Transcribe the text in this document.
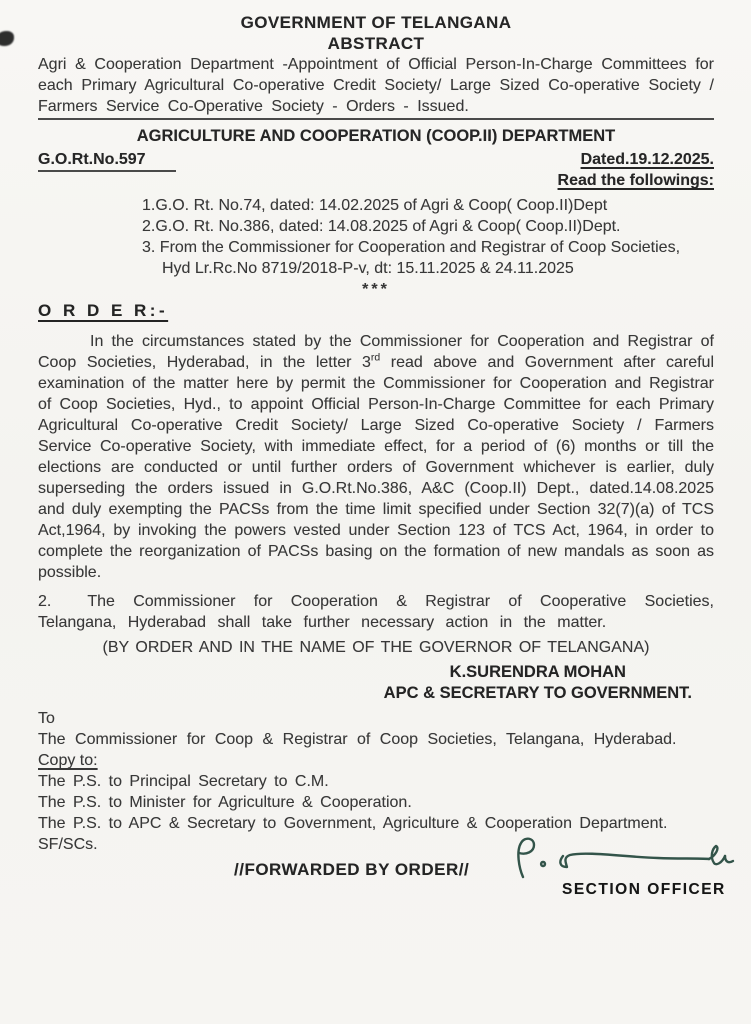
GOVERNMENT OF TELANGANA
ABSTRACT

Agri & Cooperation Department -Appointment of Official Person-In-Charge Committees for each Primary Agricultural Co-operative Credit Society/ Large Sized Co-operative Society / Farmers Service Co-Operative Society - Orders - Issued.

AGRICULTURE AND COOPERATION (COOP.II) DEPARTMENT
G.O.Rt.No.597	Dated.19.12.2025.
Read the followings:
1.G.O. Rt. No.74, dated: 14.02.2025 of Agri & Coop( Coop.II)Dept
2.G.O. Rt. No.386, dated: 14.08.2025 of Agri & Coop( Coop.II)Dept.
3. From the Commissioner for Cooperation and Registrar of Coop Societies, Hyd Lr.Rc.No 8719/2018-P-v, dt: 15.11.2025 & 24.11.2025
***
O R D E R:-

In the circumstances stated by the Commissioner for Cooperation and Registrar of Coop Societies, Hyderabad, in the letter 3rd read above and Government after careful examination of the matter here by permit the Commissioner for Cooperation and Registrar of Coop Societies, Hyd., to appoint Official Person-In-Charge Committee for each Primary Agricultural Co-operative Credit Society/ Large Sized Co-operative Society / Farmers Service Co-operative Society, with immediate effect, for a period of (6) months or till the elections are conducted or until further orders of Government whichever is earlier, duly superseding the orders issued in G.O.Rt.No.386, A&C (Coop.II) Dept., dated.14.08.2025 and duly exempting the PACSs from the time limit specified under Section 32(7)(a) of TCS Act,1964, by invoking the powers vested under Section 123 of TCS Act, 1964, in order to complete the reorganization of PACSs basing on the formation of new mandals as soon as possible.

2. The Commissioner for Cooperation & Registrar of Cooperative Societies, Telangana, Hyderabad shall take further necessary action in the matter.

(BY ORDER AND IN THE NAME OF THE GOVERNOR OF TELANGANA)
K.SURENDRA MOHAN
APC & SECRETARY TO GOVERNMENT.
To

The Commissioner for Coop & Registrar of Coop Societies, Telangana, Hyderabad.

Copy to:
The P.S. to Principal Secretary to C.M.
The P.S. to Minister for Agriculture & Cooperation.
The P.S. to APC & Secretary to Government, Agriculture & Cooperation Department.
SF/SCs.
//FORWARDED BY ORDER//
SECTION OFFICER
